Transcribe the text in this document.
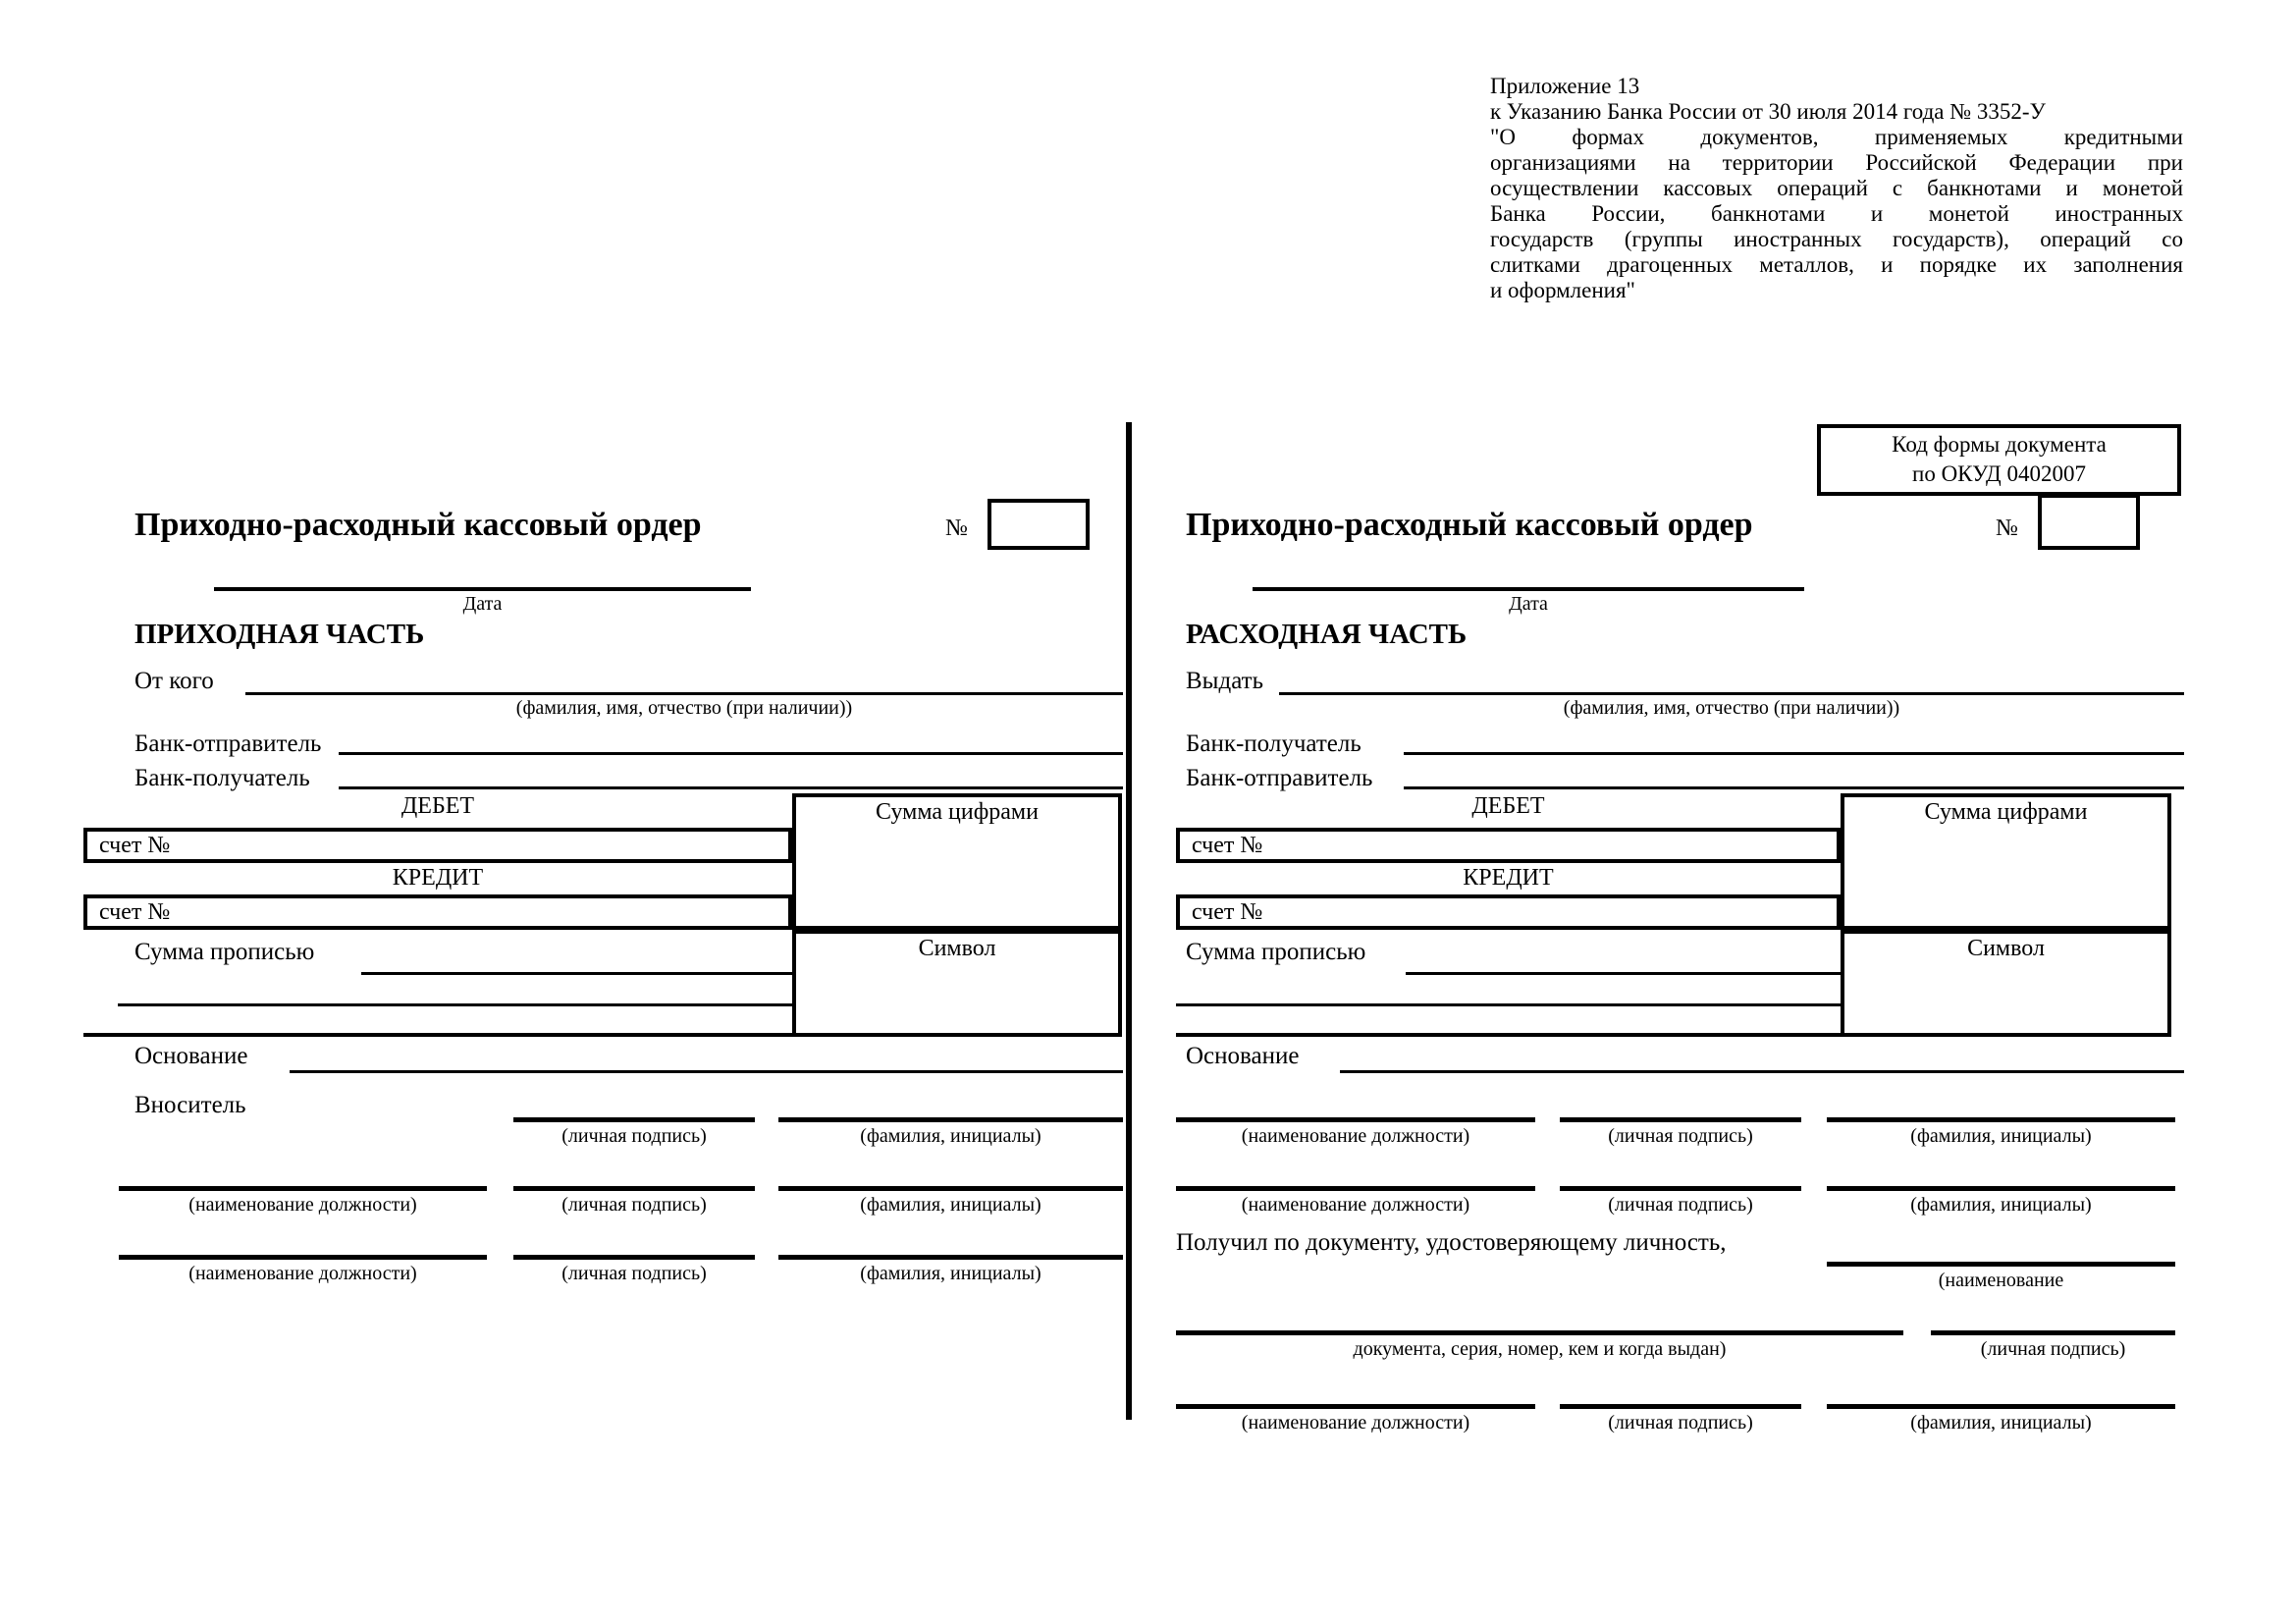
Приложение 13
к Указанию Банка России от 30 июля 2014 года № 3352-У
"О формах документов, применяемых кредитными
организациями на территории Российской Федерации при
осуществлении кассовых операций с банкнотами и монетой
Банка России, банкнотами и монетой иностранных
государств (группы иностранных государств), операций со
слитками драгоценных металлов, и порядке их заполнения
и оформления"
Код формы документа
по ОКУД 0402007
Приходно-расходный кассовый ордер	№
Дата
ПРИХОДНАЯ ЧАСТЬ
От кого
(фамилия, имя, отчество (при наличии))
Банк-отправитель
Банк-получатель
ДЕБЕТ
счет №
КРЕДИТ
счет №
Сумма цифрами
Символ
Сумма прописью
Основание
Вноситель
(личная подпись)	(фамилия, инициалы)
(наименование должности)	(личная подпись)	(фамилия, инициалы)
(наименование должности)	(личная подпись)	(фамилия, инициалы)
Приходно-расходный кассовый ордер	№
Дата
РАСХОДНАЯ ЧАСТЬ
Выдать
(фамилия, имя, отчество (при наличии))
Банк-получатель
Банк-отправитель
ДЕБЕТ
счет №
КРЕДИТ
счет №
Сумма цифрами
Символ
Сумма прописью
Основание
(наименование должности)	(личная подпись)	(фамилия, инициалы)
(наименование должности)	(личная подпись)	(фамилия, инициалы)
Получил по документу, удостоверяющему личность,
(наименование
документа, серия, номер, кем и когда выдан)	(личная подпись)
(наименование должности)	(личная подпись)	(фамилия, инициалы)
